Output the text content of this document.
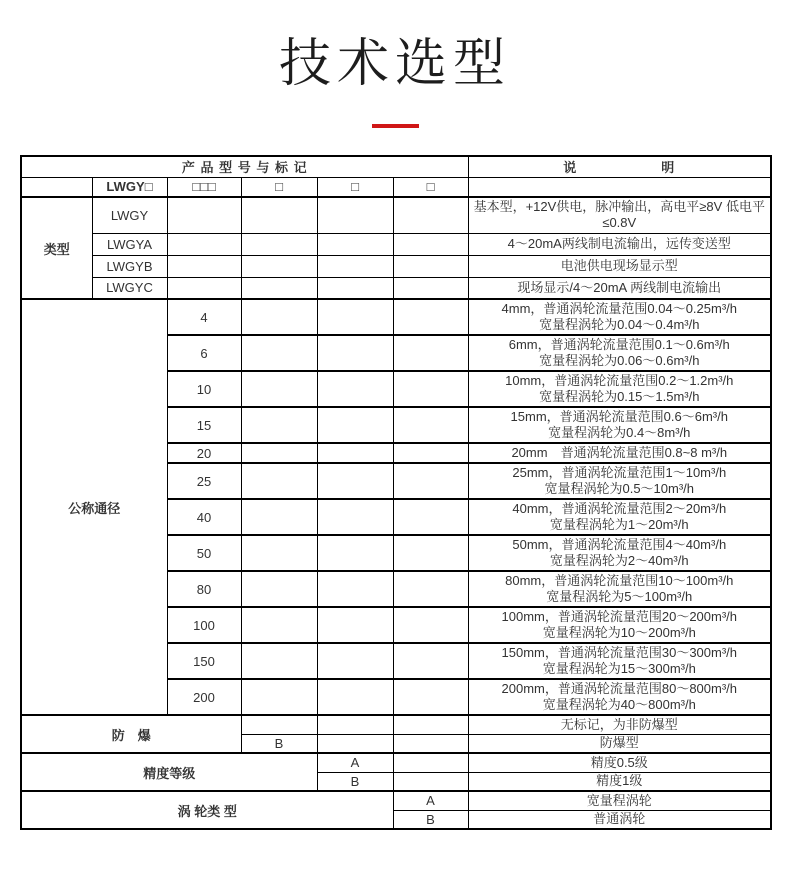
技术选型
产 品 型 号 与 标 记						说　　　　　　明
	LWGY□	□□□	□	□	□	
类型	LWGY					基本型，+12V供电，脉冲输出，高电平≥8V 低电平≤0.8V
	LWGYA					4～20mA两线制电流输出，远传变送型
	LWGYB					电池供电现场显示型
	LWGYC					现场显示/4～20mA 两线制电流输出
公称通径		4				4mm，普通涡轮流量范围0.04～0.25m³/h
宽量程涡轮为0.04～0.4m³/h

		6				6mm，普通涡轮流量范围0.1～0.6m³/h
宽量程涡轮为0.06～0.6m³/h

		10				10mm，普通涡轮流量范围0.2～1.2m³/h
宽量程涡轮为0.15～1.5m³/h

		15				15mm，普通涡轮流量范围0.6～6m³/h
宽量程涡轮为0.4～8m³/h

		20				20mm　普通涡轮流量范围0.8~8 m³/h

		25				25mm，普通涡轮流量范围1～10m³/h
宽量程涡轮为0.5～10m³/h

		40				40mm，普通涡轮流量范围2～20m³/h
宽量程涡轮为1～20m³/h

		50				50mm，普通涡轮流量范围4～40m³/h
宽量程涡轮为2～40m³/h

		80				80mm，普通涡轮流量范围10～100m³/h
宽量程涡轮为5～100m³/h

		100				100mm，普通涡轮流量范围20～200m³/h
宽量程涡轮为10～200m³/h

		150				150mm，普通涡轮流量范围30～300m³/h
宽量程涡轮为15～300m³/h

		200				200mm，普通涡轮流量范围80～800m³/h
宽量程涡轮为40～800m³/h

防　爆						无标记，为非防爆型
			B			防爆型
精度等级				A		精度0.5级
				B		精度1级
涡 轮类 型					A	宽量程涡轮
					B	普通涡轮
